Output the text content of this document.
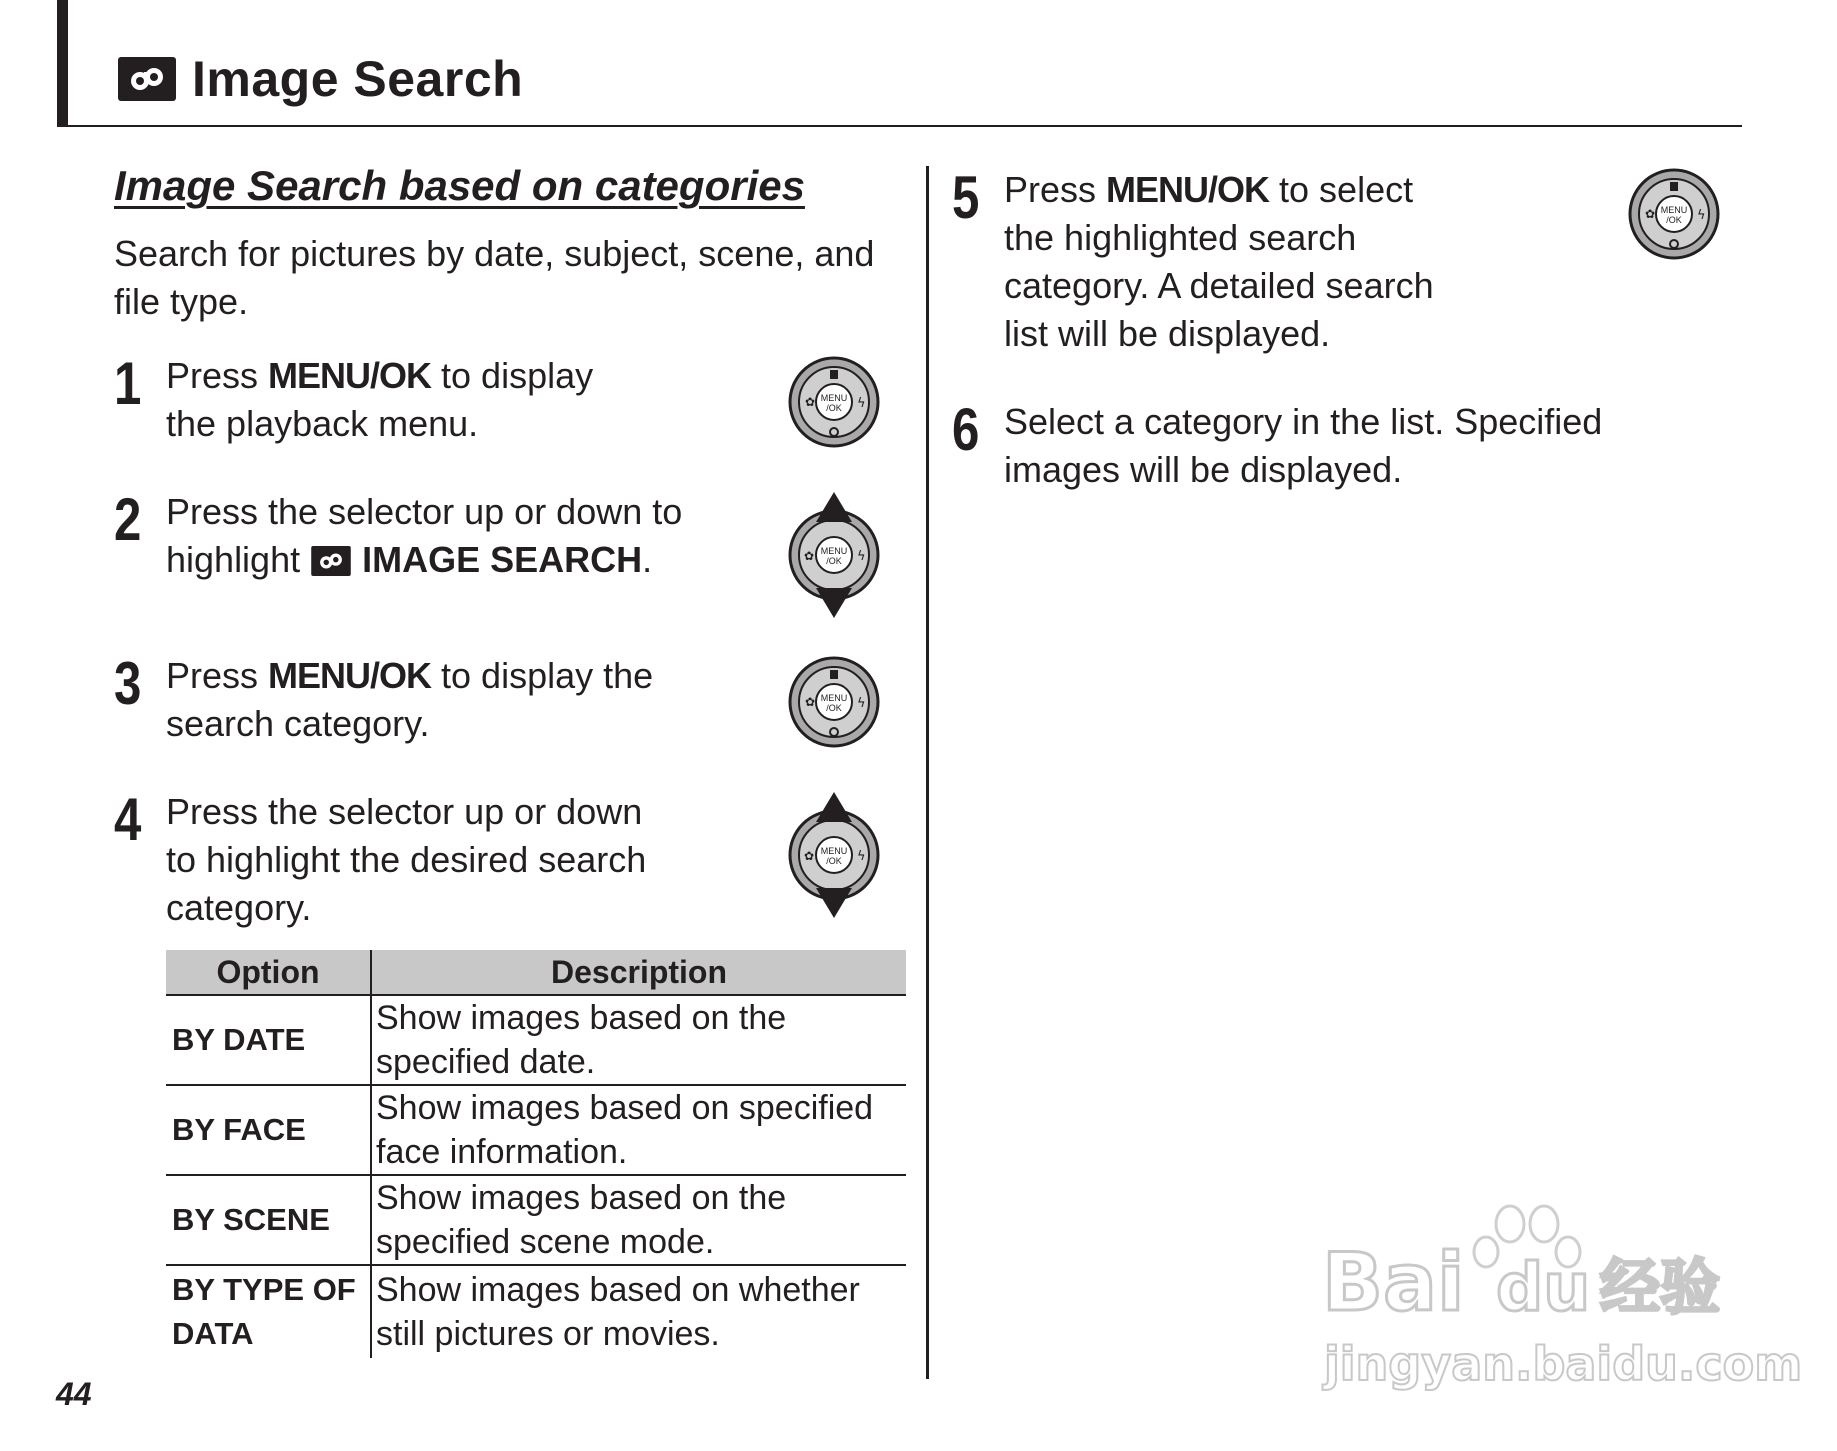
Image Search
Image Search based on categories
Search for pictures by date, subject, scene, and file type.
1 Press MENU/OK to display the playback menu.
MENU
/OK
✿	ϟ
2 Press the selector up or down to highlight IMAGE SEARCH.	MENU
/OK
✿	ϟ
3 Press MENU/OK to display the search category.
MENU
/OK
✿	ϟ
4 Press the selector up or down to highlight the desired search category.
MENU
/OK
✿	ϟ
Option	Description
BY DATE	Show images based on the specified date.
BY FACE	Show images based on specified face information.
BY SCENE	Show images based on the specified scene mode.
BY TYPE OF DATA	Show images based on whether still pictures or movies.
5 Press MENU/OK to select the highlighted search category. A detailed search list will be displayed.
MENU
/OK
✿	ϟ
6 Select a category in the list. Specified images will be displayed.
44
Bai du 经验
jingyan.baidu.com
